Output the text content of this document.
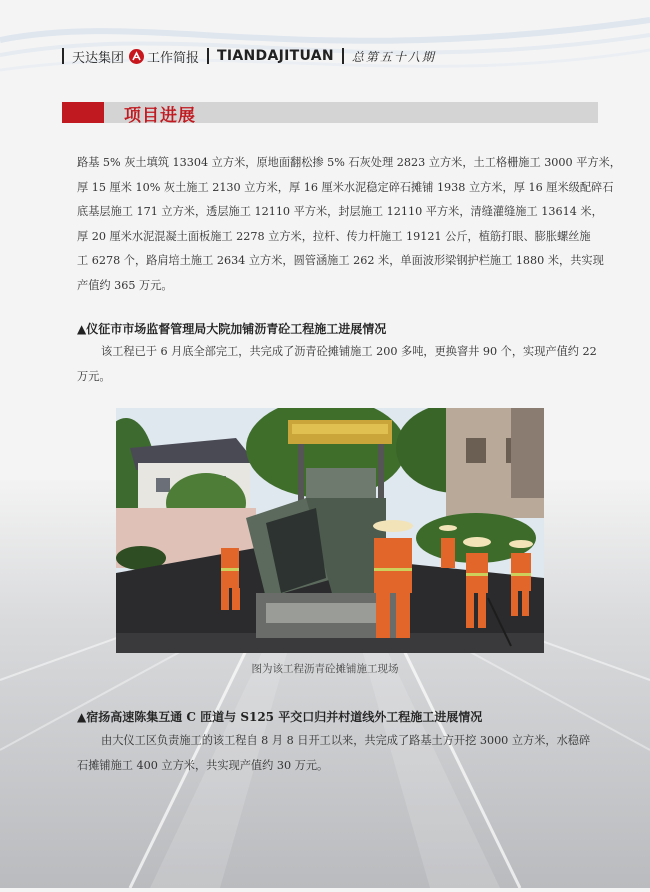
天达集团 工作简报 TIANDAJITUAN 总第五十八期
项目进展
路基 5% 灰土填筑 13304 立方米，原地面翻松掺 5% 石灰处理 2823 立方米，土工格栅施工 3000 平方米，
厚 15 厘米 10% 灰土施工 2130 立方米，厚 16 厘米水泥稳定碎石摊铺 1938 立方米，厚 16 厘米级配碎石
底基层施工 171 立方米，透层施工 12110 平方米，封层施工 12110 平方米，清缝灌缝施工 13614 米，
厚 20 厘米水泥混凝土面板施工 2278 立方米，拉杆、传力杆施工 19121 公斤，植筋打眼、膨胀螺丝施
工 6278 个，路肩培土施工 2634 立方米，圆管涵施工 262 米，单面波形梁钢护栏施工 1880 米，共实现
产值约 365 万元。
▲仪征市市场监督管理局大院加铺沥青砼工程施工进展情况
该工程已于 6 月底全部完工，共完成了沥青砼摊铺施工 200 多吨，更换窨井 90 个，实现产值约 22
万元。
图为该工程沥青砼摊铺施工现场
▲宿扬高速陈集互通 C 匝道与 S125 平交口归并村道线外工程施工进展情况
由大仪工区负责施工的该工程自 8 月 8 日开工以来，共完成了路基土方开挖 3000 立方米，水稳碎
石摊铺施工 400 立方米，共实现产值约 30 万元。
